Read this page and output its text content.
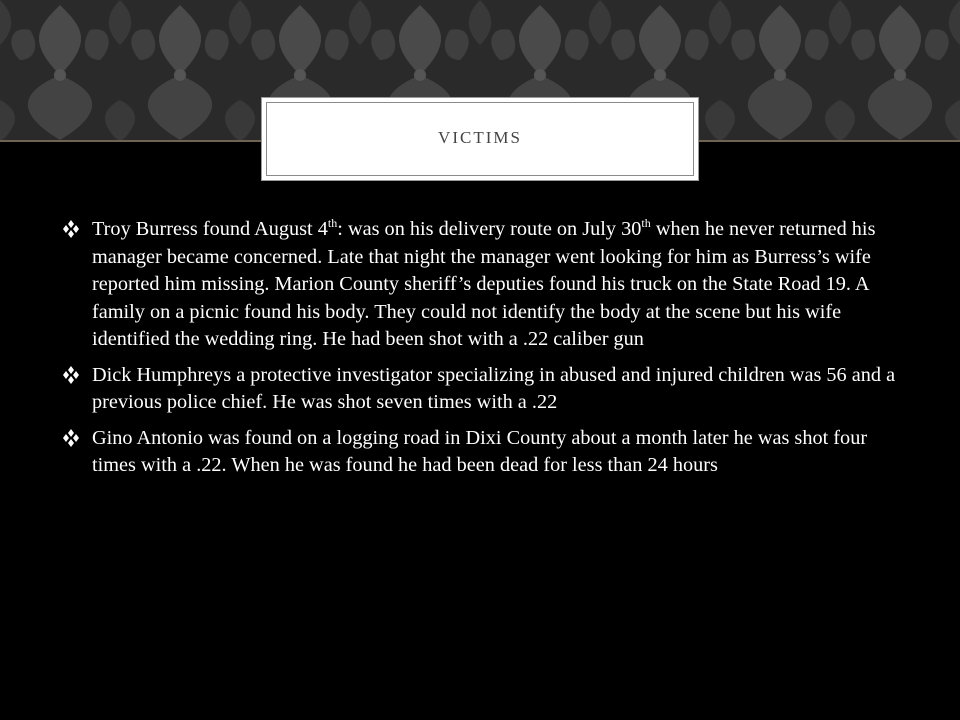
VICTIMS
Troy Burress found August 4th: was on his delivery route on July 30th when he never returned his manager became concerned. Late that night the manager went looking for him as Burress’s wife reported him missing. Marion County sheriff’s deputies found his truck on the State Road 19. A family on a picnic found his body. They could not identify the body at the scene but his wife identified the wedding ring. He had been shot with a .22 caliber gun
Dick Humphreys a protective investigator specializing in abused and injured children was 56 and a previous police chief. He was shot seven times with a .22
Gino Antonio was found on a logging road in Dixi County about a month later he was shot four times with a .22. When he was found he had been dead for less than 24 hours
